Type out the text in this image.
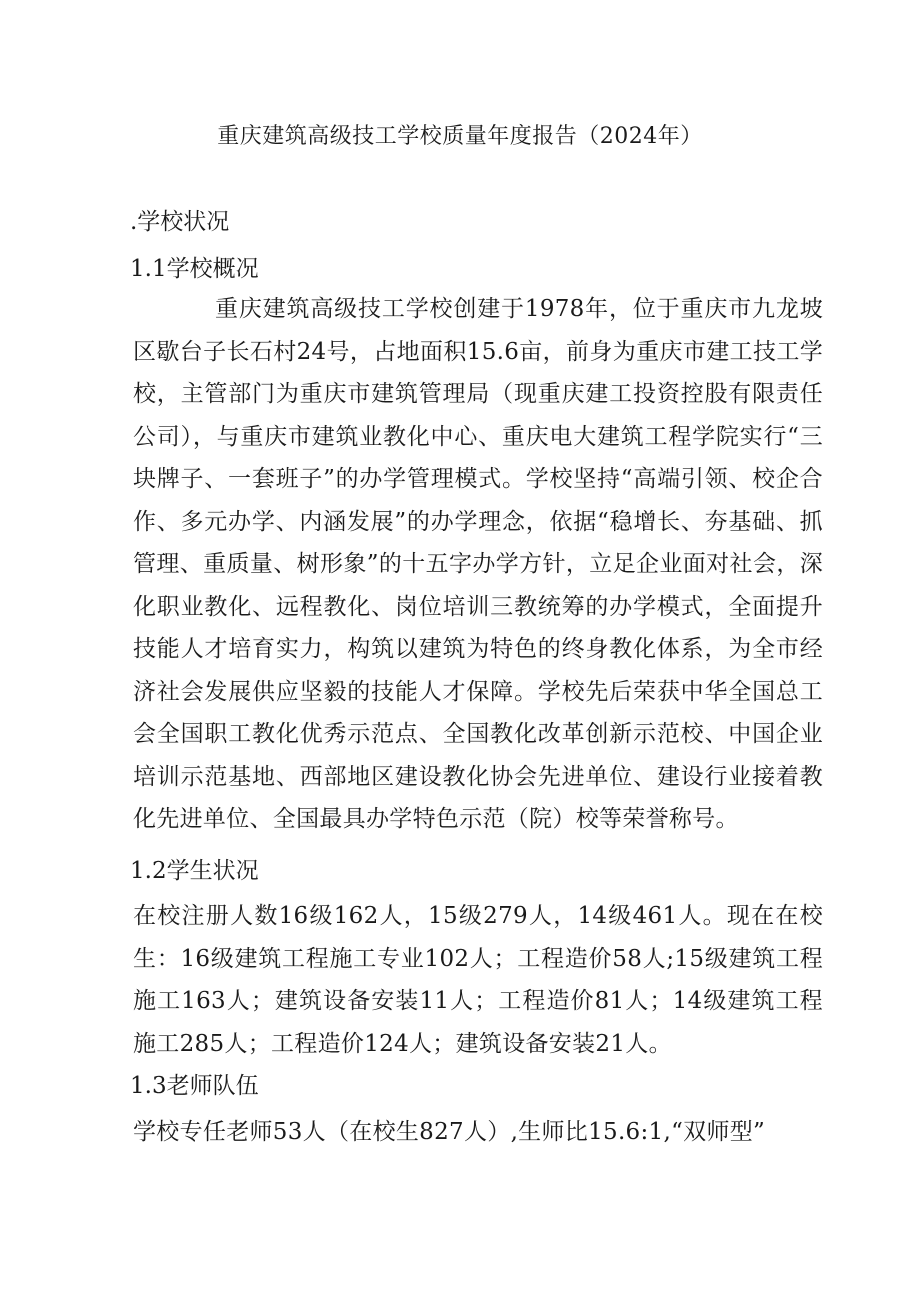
重庆建筑高级技工学校质量年度报告（2024年）
.学校状况
1.1学校概况
重庆建筑高级技工学校创建于1978年，位于重庆市九龙坡区歇台子长石村24号，占地面积15.6亩，前身为重庆市建工技工学校，主管部门为重庆市建筑管理局（现重庆建工投资控股有限责任公司），与重庆市建筑业教化中心、重庆电大建筑工程学院实行“三块牌子、一套班子”的办学管理模式。学校坚持“高端引领、校企合作、多元办学、内涵发展”的办学理念，依据“稳增长、夯基础、抓管理、重质量、树形象”的十五字办学方针，立足企业面对社会，深化职业教化、远程教化、岗位培训三教统筹的办学模式，全面提升技能人才培育实力，构筑以建筑为特色的终身教化体系，为全市经济社会发展供应坚毅的技能人才保障。学校先后荣获中华全国总工会全国职工教化优秀示范点、全国教化改革创新示范校、中国企业培训示范基地、西部地区建设教化协会先进单位、建设行业接着教化先进单位、全国最具办学特色示范（院）校等荣誉称号。
1.2学生状况
在校注册人数16级162人，15级279人，14级461人。现在在校生：16级建筑工程施工专业102人；工程造价58人;15级建筑工程施工163人；建筑设备安装11人；工程造价81人；14级建筑工程施工285人；工程造价124人；建筑设备安装21人。
1.3老师队伍
学校专任老师53人（在校生827人）,生师比15.6:1,“双师型”
